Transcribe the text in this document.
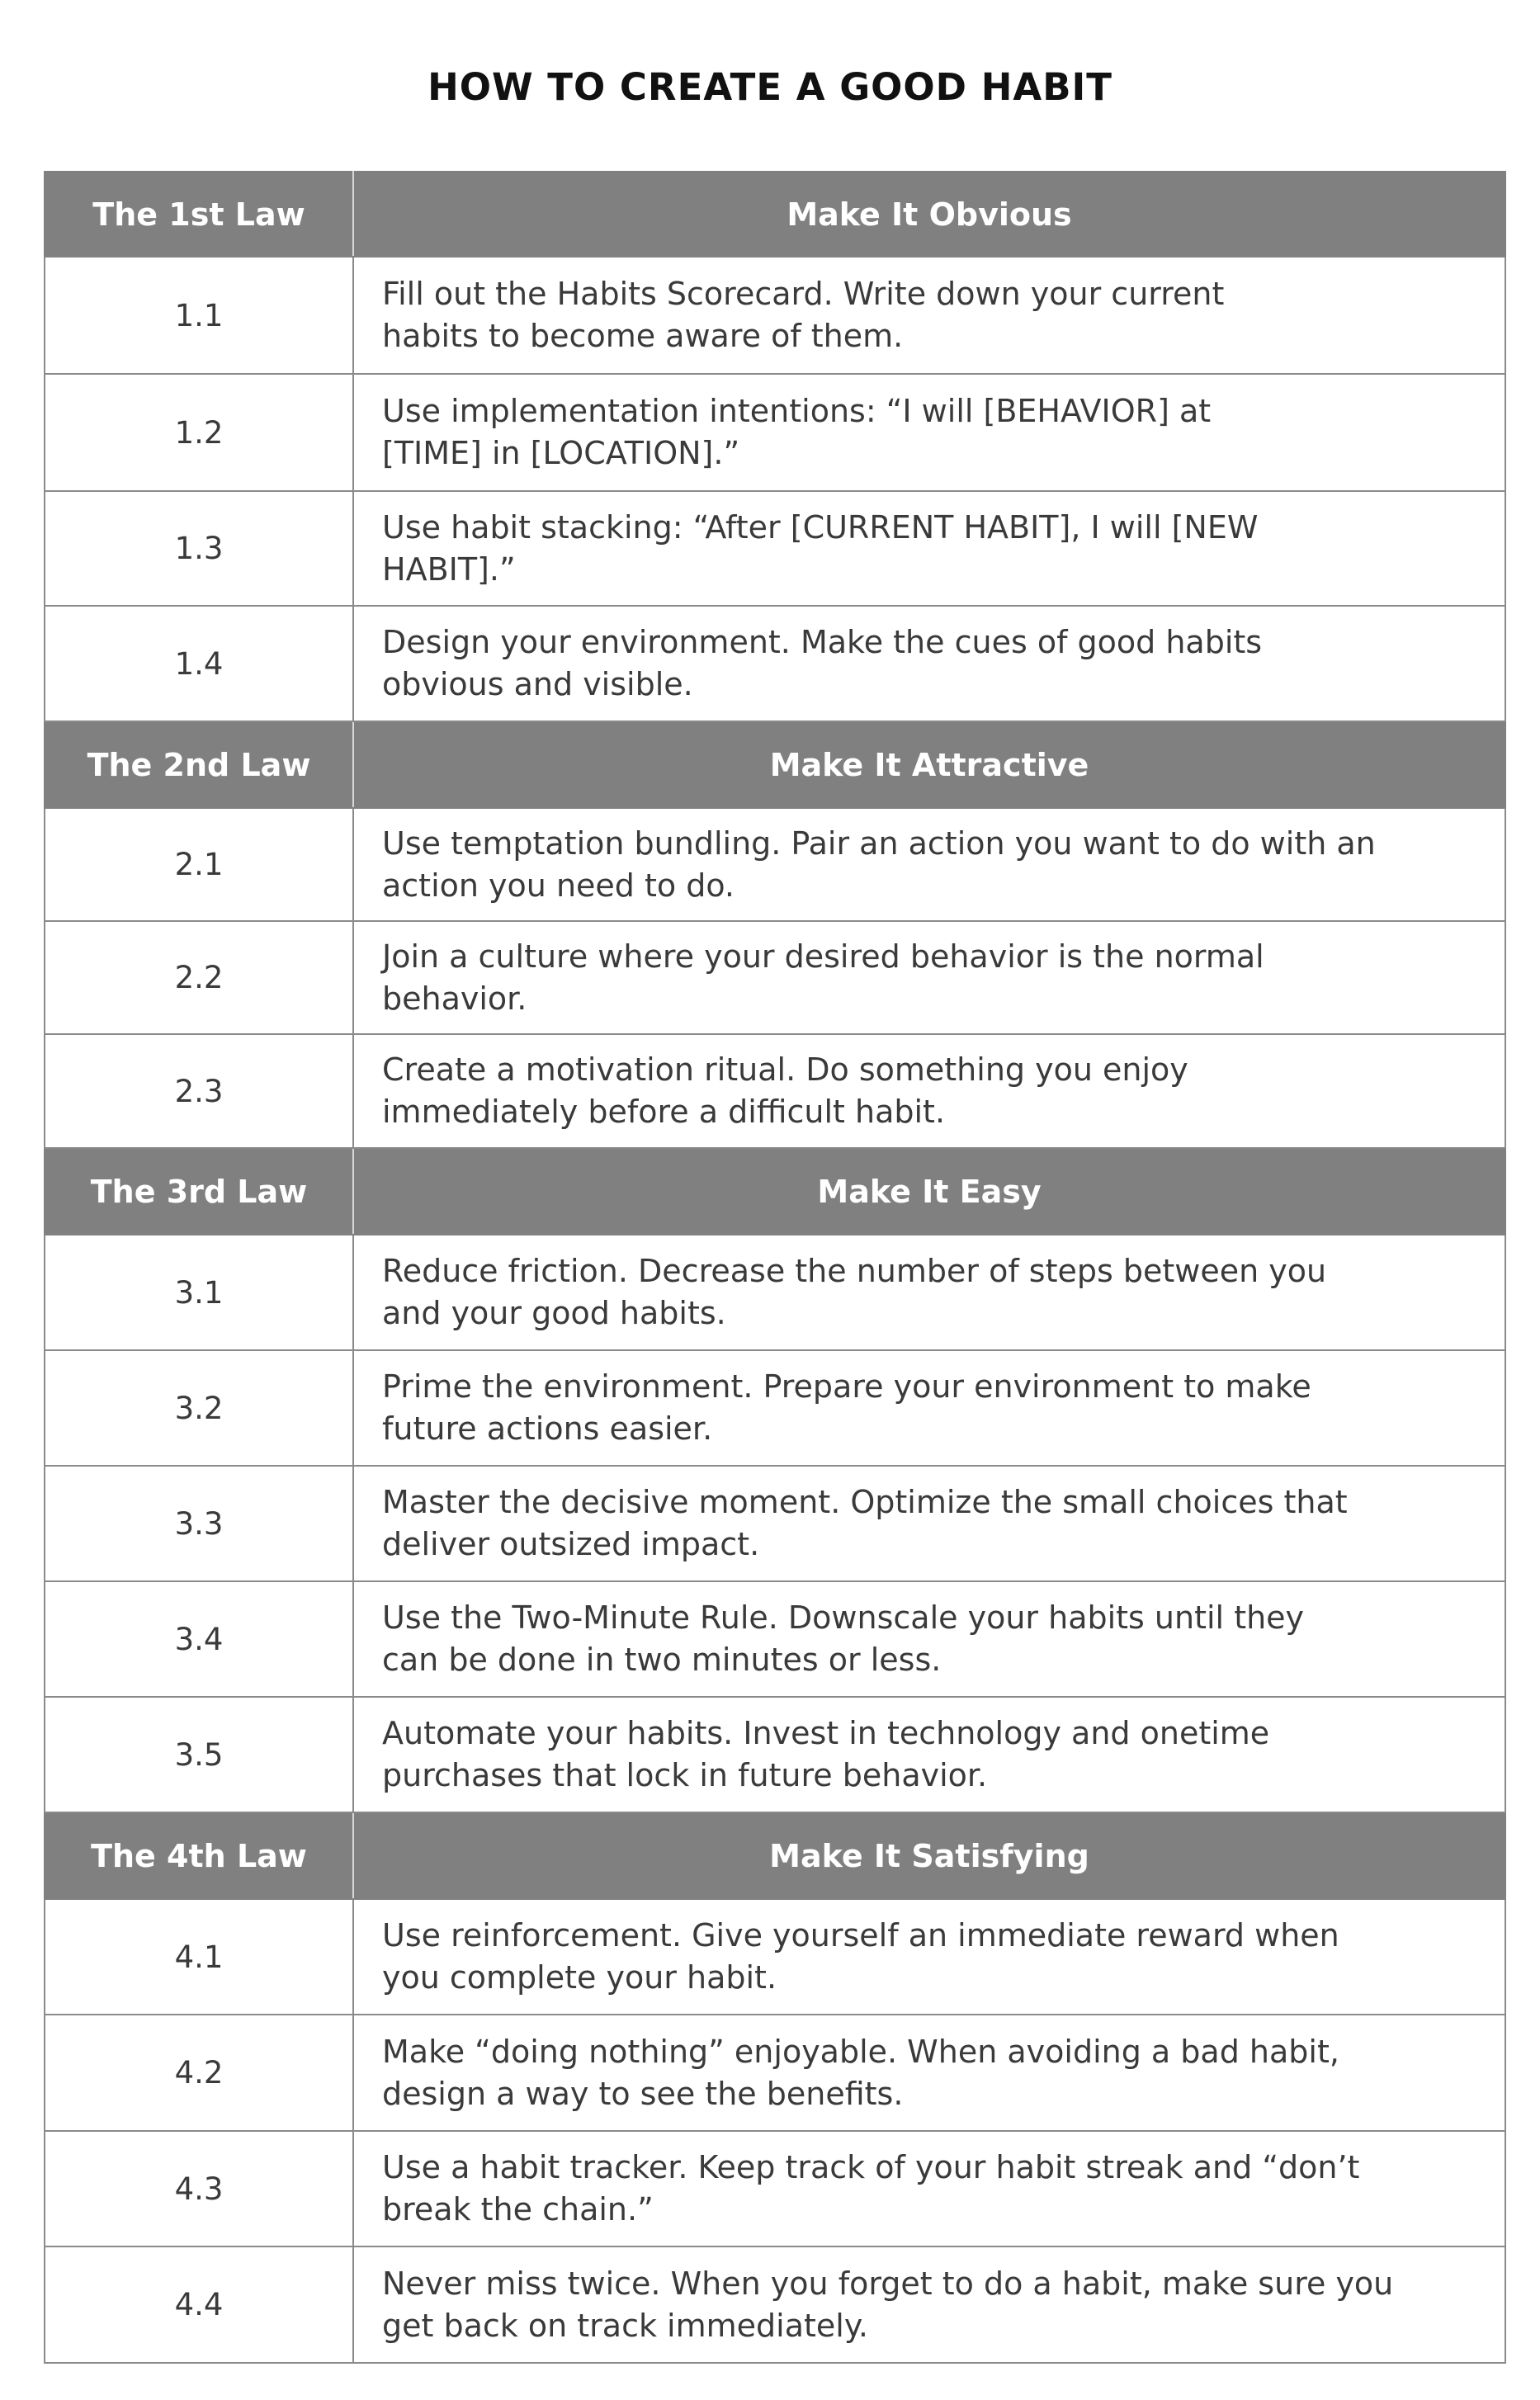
HOW TO CREATE A GOOD HABIT
The 1st Law	Make It Obvious
1.1	Fill out the Habits Scorecard. Write down your current habits to become aware of them.

1.2	Use implementation intentions: “I will [BEHAVIOR] at [TIME] in [LOCATION].”

1.3	Use habit stacking: “After [CURRENT HABIT], I will [NEW HABIT].”

1.4	Design your environment. Make the cues of good habits obvious and visible.

The 2nd Law	Make It Attractive
2.1	Use temptation bundling. Pair an action you want to do with an action you need to do.

2.2	Join a culture where your desired behavior is the normal behavior.

2.3	Create a motivation ritual. Do something you enjoy immediately before a difficult habit.

The 3rd Law	Make It Easy
3.1	Reduce friction. Decrease the number of steps between you and your good habits.

3.2	Prime the environment. Prepare your environment to make future actions easier.

3.3	Master the decisive moment. Optimize the small choices that deliver outsized impact.

3.4	Use the Two-Minute Rule. Downscale your habits until they can be done in two minutes or less.

3.5	Automate your habits. Invest in technology and onetime purchases that lock in future behavior.

The 4th Law	Make It Satisfying
4.1	Use reinforcement. Give yourself an immediate reward when you complete your habit.

4.2	Make “doing nothing” enjoyable. When avoiding a bad habit, design a way to see the benefits.

4.3	Use a habit tracker. Keep track of your habit streak and “don’t break the chain.”

4.4	Never miss twice. When you forget to do a habit, make sure you get back on track immediately.
